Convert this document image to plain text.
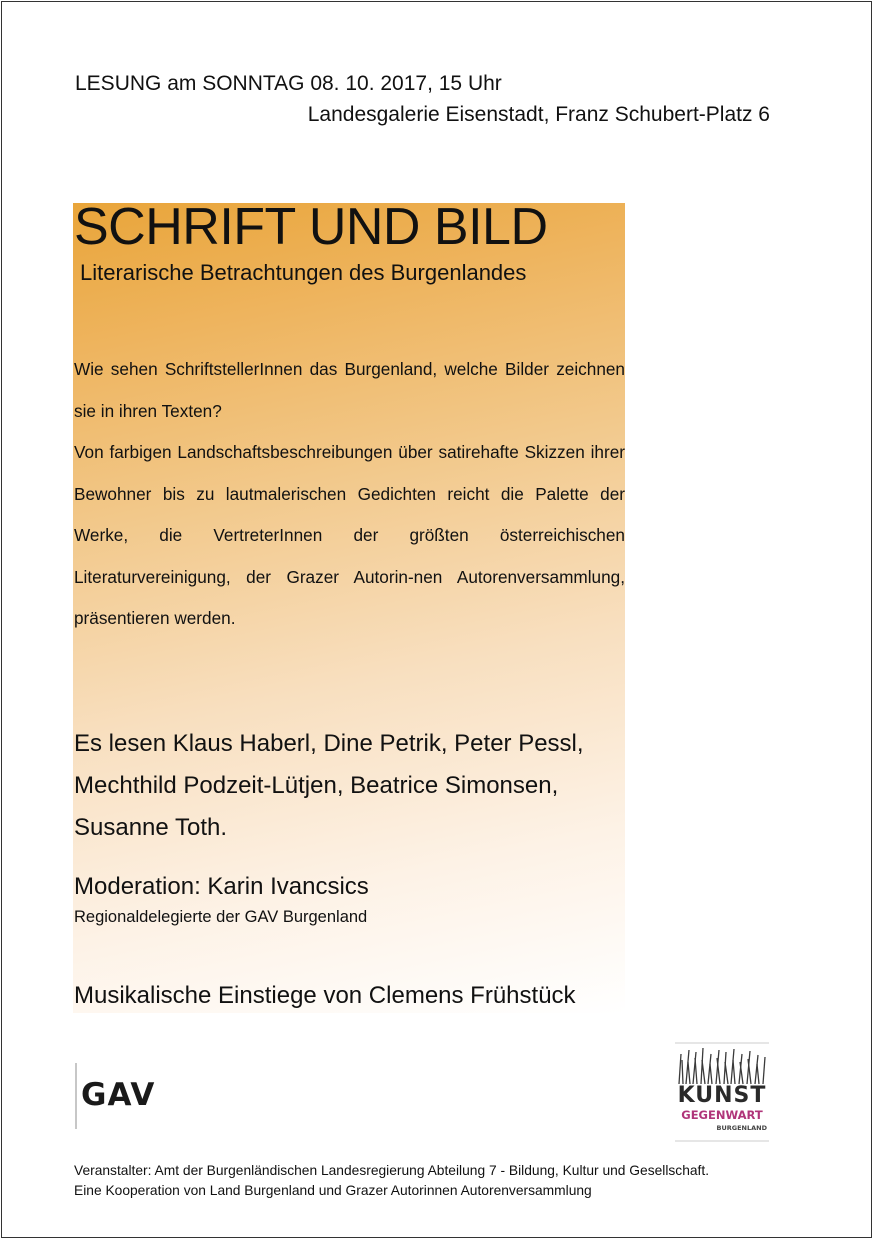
LESUNG am SONNTAG 08. 10. 2017, 15 Uhr
Landesgalerie Eisenstadt, Franz Schubert-Platz 6
SCHRIFT UND BILD
Literarische Betrachtungen des Burgenlandes

Wie sehen SchriftstellerInnen das Burgenland, welche Bilder zeichnen sie in ihren Texten?

Von farbigen Landschaftsbeschreibungen über satirehafte Skizzen ihrer Bewohner bis zu lautmalerischen Gedichten reicht die Palette der Werke, die VertreterInnen der größten österreichischen Literaturvereinigung, der Grazer Autorin-nen Autorenversammlung, präsentieren werden.

Es lesen Klaus Haberl, Dine Petrik, Peter Pessl,
Mechthild Podzeit-Lütjen, Beatrice Simonsen,
Susanne Toth.
Moderation: Karin Ivancsics
Regionaldelegierte der GAV Burgenland
Musikalische Einstiege von Clemens Frühstück
GAV	KUNST
GEGENWART
BURGENLAND
Veranstalter: Amt der Burgenländischen Landesregierung Abteilung 7 - Bildung, Kultur und Gesellschaft.
Eine Kooperation von Land Burgenland und Grazer Autorinnen Autorenversammlung
